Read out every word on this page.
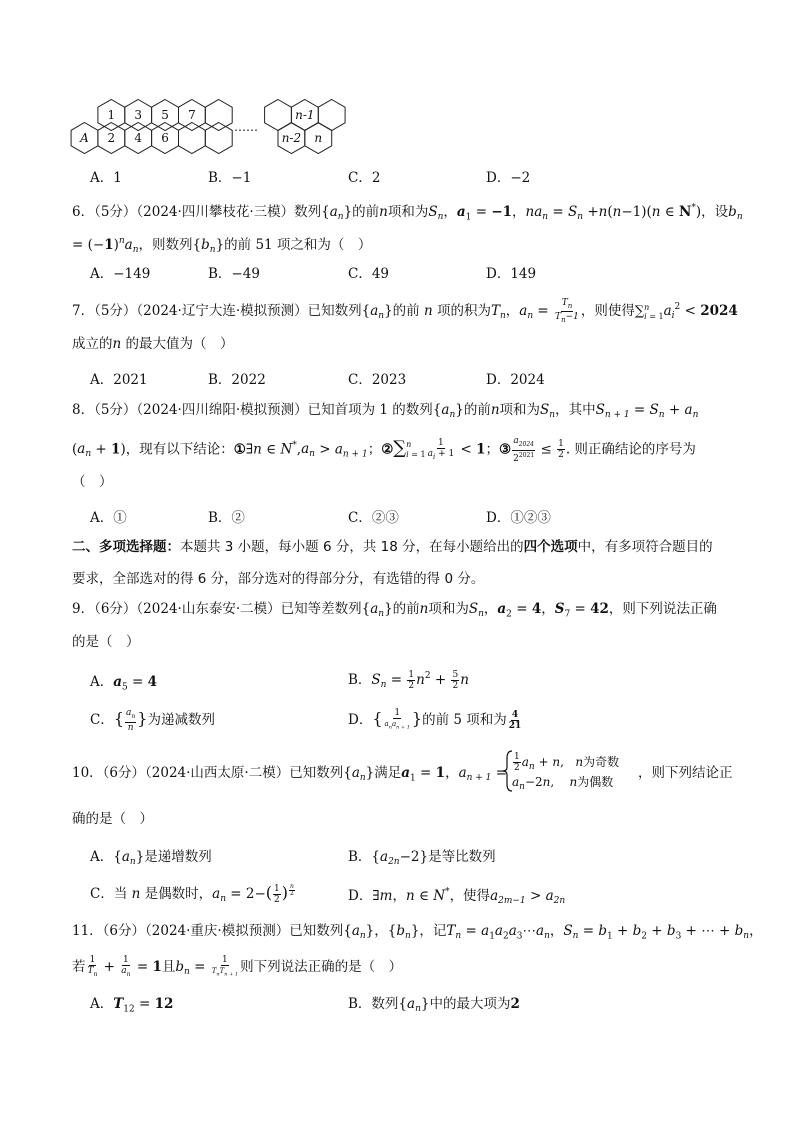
1 3 5 7
A 2 4 6
n-1
n-2 n
……
A．1	B．−1	C．2	D．−2
6．（5分）（2024·四川攀枝花·三模）数列$\{a_n\}$的前n项和为$S_n$，$a_1 = -1$，$na_n = S_n +n(n-1)(n$ ∈ N*)，设$b_n$
= $(-1)^na_n$，则数列$\{b_n\}$的前 51 项之和为（　）
A．−149	B．−49	C．49	D．149
7．（5分）（2024·辽宁大连·模拟预测）已知数列$\{a_n\}$的前 n 项的积为$T_n$，$a_n = \frac{T_n}{T_n-1}$ ，则使得∑ n
i = 1 $a_i^2 < 2024$
成立的n 的最大值为（　）
A．2021	B．2022	C．2023	D．2024
8．（5分）（2024·四川绵阳·模拟预测）已知首项为 1 的数列$\{a_n\}$的前n项和为$S_n$，其中$S_{n + 1} = S_n + a_n$
$(a_n + 1)$，现有以下结论：①∃n ∈ $N^*,a_n > a_{n + 1}$；②∑ n
$i = 1 \frac{1}{a_i + 1} < 1$；③ $\frac{a_{2024}}{2^{2021}} \le \frac{1}{2}$ . 则正确结论的序号为
（　）
A．①	B．②	C．②③	D．①②③
二、多项选择题：本题共 3 小题，每小题 6 分，共 18 分，在每小题给出的四个选项中，有多项符合题目的
要求，全部选对的得 6 分，部分选对的得部分分，有选错的得 0 分。
9．（6分）（2024·山东泰安·二模）已知等差数列$\{a_n\}$的前n项和为$S_n$，$a_2 = 4$，$S_7 = 42$，则下列说法正确
的是（　）
A．$a_5 = 4$	B．$S_n = \frac{1}{2} n^2 + \frac{5}{2}$ n
C．{ $\frac{a_n}{n}$ }为递减数列	D．{ $\frac{1}{a_na_{n + 1}}$ }的前 5 项和为 $\frac{4}{21}$
10．（6分）（2024·山西太原·二模）已知数列$\{a_n\}$满足$a_1 = 1$，$a_{n + 1} = \frac{1}{2} a_n + n$,   n为奇数
$a_n-2n$,    n为偶数
，则下列结论正
确的是（　）
A．$\{a_n\}$是递增数列	B．$\{a_{2n}-2\}$是等比数列
C．当 n 是偶数时，$a_n = 2-( \frac{1}{2}$ ) $\frac{n}{2}$	D．∃m，n ∈ N*，使得$a_{2m-1} > a_{2n}$
11．（6分）（2024·重庆·模拟预测）已知数列$\{a_n\}$，$\{b_n\}$，记$T_n$ = $a_1a_2a_3\cdots a_n$，$S_n = b_1 + b_2 + b_3$ + ⋯ + $b_n$，
若 $\frac{1}{T_n} + \frac{1}{a_n} = 1$且$b_n = \frac{1}{T_nT_{n + 1}}$ 则下列说法正确的是（　）
A．$T_{12} = 12$	B．数列$\{a_n\}$中的最大项为2
